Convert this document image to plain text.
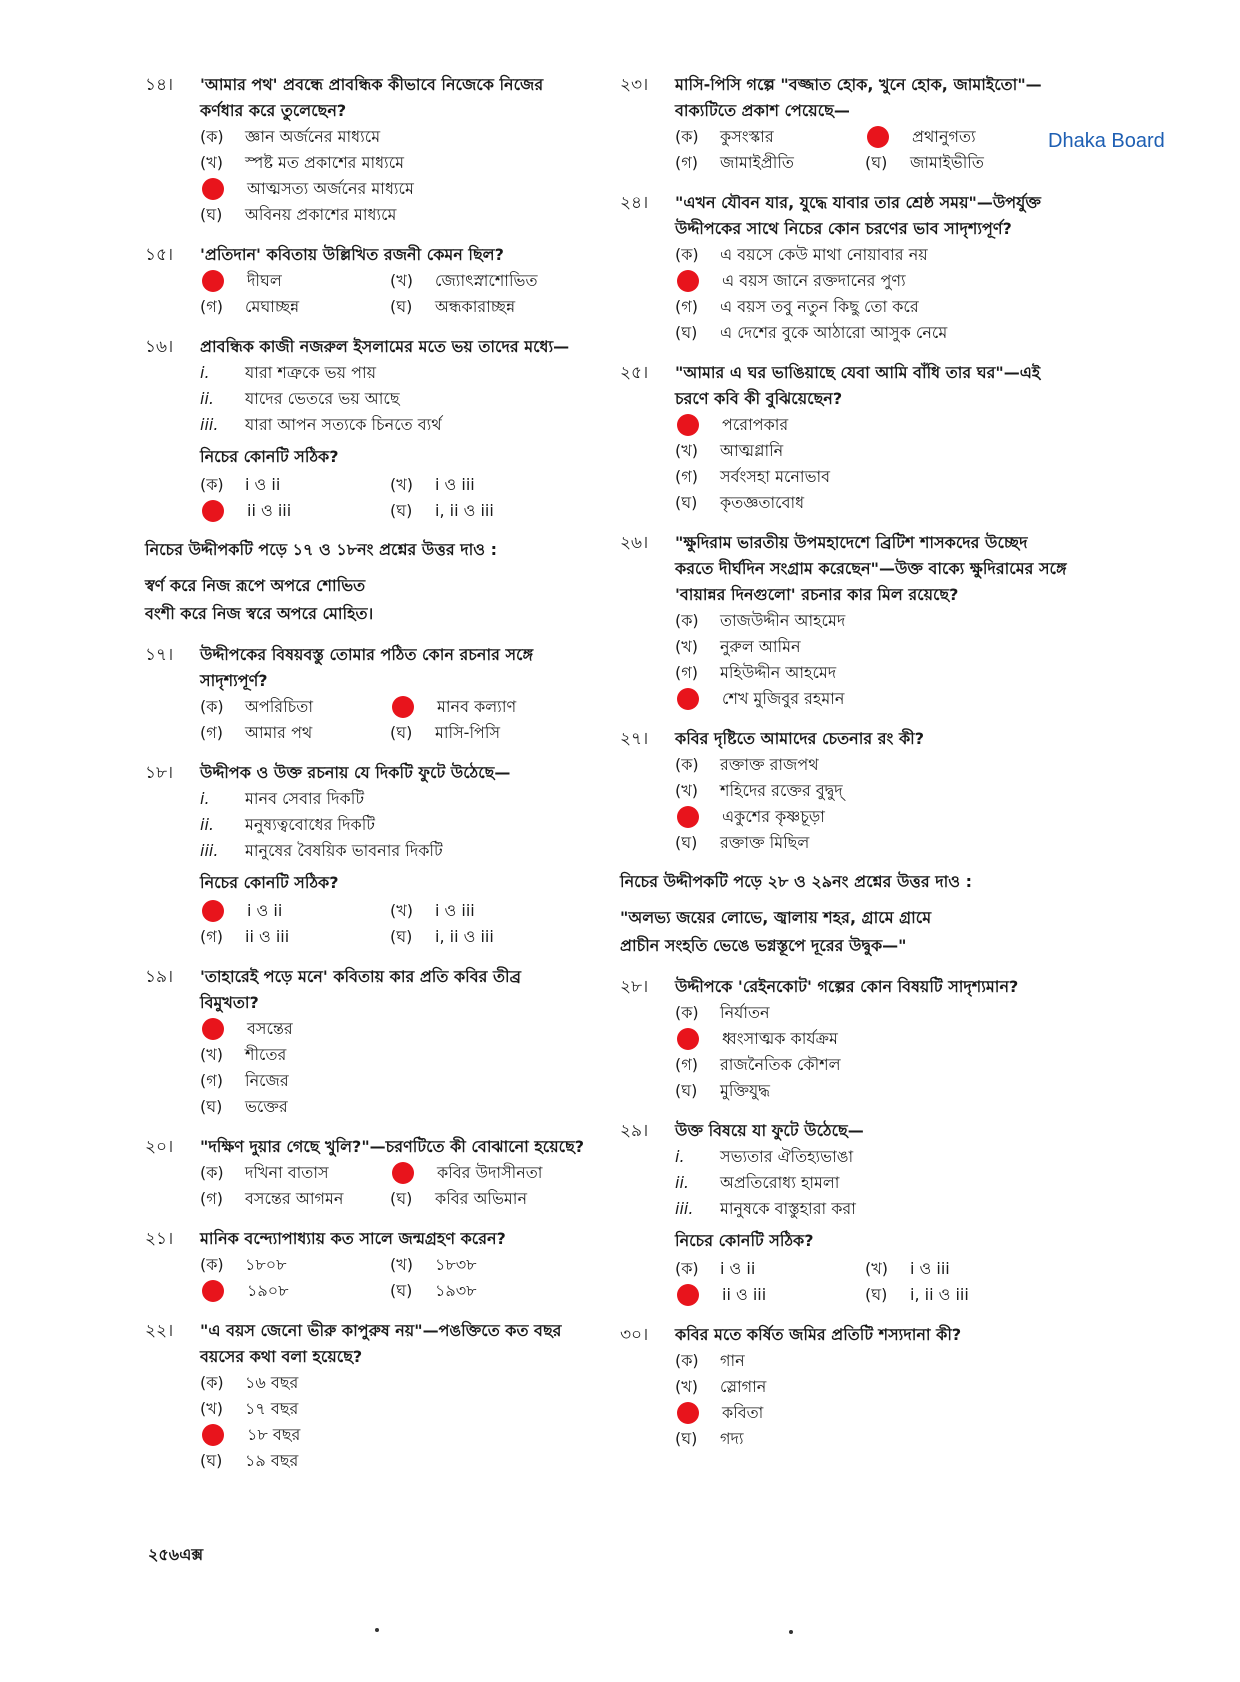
Dhaka Board
১৪। 'আমার পথ' প্রবন্ধে প্রাবন্ধিক কীভাবে নিজেকে নিজের কর্ণধার করে তুলেছেন?
(ক)	জ্ঞান অর্জনের মাধ্যমে
(খ)	স্পষ্ট মত প্রকাশের মাধ্যমে
আত্মসত্য অর্জনের মাধ্যমে
(ঘ)	অবিনয় প্রকাশের মাধ্যমে
১৫। 'প্রতিদান' কবিতায় উল্লিখিত রজনী কেমন ছিল?
দীঘল	(খ)	জ্যোৎস্নাশোভিত
(গ)	মেঘাচ্ছন্ন	(ঘ)	অন্ধকারাচ্ছন্ন
১৬। প্রাবন্ধিক কাজী নজরুল ইসলামের মতে ভয় তাদের মধ্যে—
i.	যারা শত্রুকে ভয় পায়
ii.	যাদের ভেতরে ভয় আছে
iii.	যারা আপন সত্যকে চিনতে ব্যর্থ
নিচের কোনটি সঠিক?
(ক)	i ও ii	(খ)	i ও iii
ii ও iii	(ঘ)	i, ii ও iii
নিচের উদ্দীপকটি পড়ে ১৭ ও ১৮নং প্রশ্নের উত্তর দাও :
স্বর্ণ করে নিজ রূপে অপরে শোভিত
বংশী করে নিজ স্বরে অপরে মোহিত।
১৭। উদ্দীপকের বিষয়বস্তু তোমার পঠিত কোন রচনার সঙ্গে সাদৃশ্যপূর্ণ?
(ক)	অপরিচিতা	মানব কল্যাণ
(গ)	আমার পথ	(ঘ)	মাসি-পিসি
১৮। উদ্দীপক ও উক্ত রচনায় যে দিকটি ফুটে উঠেছে—
i.	মানব সেবার দিকটি
ii.	মনুষ্যত্ববোধের দিকটি
iii.	মানুষের বৈষয়িক ভাবনার দিকটি
নিচের কোনটি সঠিক?
i ও ii	(খ)	i ও iii
(গ)	ii ও iii	(ঘ)	i, ii ও iii
১৯। 'তাহারেই পড়ে মনে' কবিতায় কার প্রতি কবির তীব্র বিমুখতা?
বসন্তের
(খ)	শীতের
(গ)	নিজের
(ঘ)	ভক্তের
২০। "দক্ষিণ দুয়ার গেছে খুলি?"—চরণটিতে কী বোঝানো হয়েছে?
(ক)	দখিনা বাতাস	কবির উদাসীনতা
(গ)	বসন্তের আগমন	(ঘ)	কবির অভিমান
২১। মানিক বন্দ্যোপাধ্যায় কত সালে জন্মগ্রহণ করেন?
(ক)	১৮০৮	(খ)	১৮৩৮
১৯০৮	(ঘ)	১৯৩৮
২২। "এ বয়স জেনো ভীরু কাপুরুষ নয়"—পঙক্তিতে কত বছর বয়সের কথা বলা হয়েছে?
(ক)	১৬ বছর
(খ)	১৭ বছর
১৮ বছর
(ঘ)	১৯ বছর
২৩। মাসি-পিসি গল্পে "বজ্জাত হোক, খুনে হোক, জামাইতো"—বাক্যটিতে প্রকাশ পেয়েছে—
(ক)	কুসংস্কার	প্রথানুগত্য
(গ)	জামাইপ্রীতি	(ঘ)	জামাইভীতি
২৪। "এখন যৌবন যার, যুদ্ধে যাবার তার শ্রেষ্ঠ সময়"—উপর্যুক্ত উদ্দীপকের সাথে নিচের কোন চরণের ভাব সাদৃশ্যপূর্ণ?
(ক)	এ বয়সে কেউ মাথা নোয়াবার নয়
এ বয়স জানে রক্তদানের পুণ্য
(গ)	এ বয়স তবু নতুন কিছু তো করে
(ঘ)	এ দেশের বুকে আঠারো আসুক নেমে
২৫। "আমার এ ঘর ভাঙিয়াছে যেবা আমি বাঁধি তার ঘর"—এই চরণে কবি কী বুঝিয়েছেন?
পরোপকার
(খ)	আত্মগ্লানি
(গ)	সর্বংসহা মনোভাব
(ঘ)	কৃতজ্ঞতাবোধ
২৬। "ক্ষুদিরাম ভারতীয় উপমহাদেশে ব্রিটিশ শাসকদের উচ্ছেদ করতে দীর্ঘদিন সংগ্রাম করেছেন"—উক্ত বাক্যে ক্ষুদিরামের সঙ্গে 'বায়ান্নর দিনগুলো' রচনার কার মিল রয়েছে?
(ক)	তাজউদ্দীন আহমেদ
(খ)	নুরুল আমিন
(গ)	মহিউদ্দীন আহমেদ
শেখ মুজিবুর রহমান
২৭। কবির দৃষ্টিতে আমাদের চেতনার রং কী?
(ক)	রক্তাক্ত রাজপথ
(খ)	শহিদের রক্তের বুদ্বুদ্
একুশের কৃষ্ণচূড়া
(ঘ)	রক্তাক্ত মিছিল
নিচের উদ্দীপকটি পড়ে ২৮ ও ২৯নং প্রশ্নের উত্তর দাও :
"অলভ্য জয়ের লোভে, জ্বালায় শহর, গ্রামে গ্রামে
প্রাচীন সংহতি ভেঙে ভগ্নস্তূপে দূরের উদ্বুক—"
২৮। উদ্দীপকে 'রেইনকোট' গল্পের কোন বিষয়টি সাদৃশ্যমান?
(ক)	নির্যাতন
ধ্বংসাত্মক কার্যক্রম
(গ)	রাজনৈতিক কৌশল
(ঘ)	মুক্তিযুদ্ধ
২৯। উক্ত বিষয়ে যা ফুটে উঠেছে—
i.	সভ্যতার ঐতিহ্যভাঙা
ii.	অপ্রতিরোধ্য হামলা
iii.	মানুষকে বাস্তুহারা করা
নিচের কোনটি সঠিক?
(ক)	i ও ii	(খ)	i ও iii
ii ও iii	(ঘ)	i, ii ও iii
৩০। কবির মতে কর্ষিত জমির প্রতিটি শস্যদানা কী?
(ক)	গান
(খ)	স্লোগান
কবিতা
(ঘ)	গদ্য
২৫৬এক্স
